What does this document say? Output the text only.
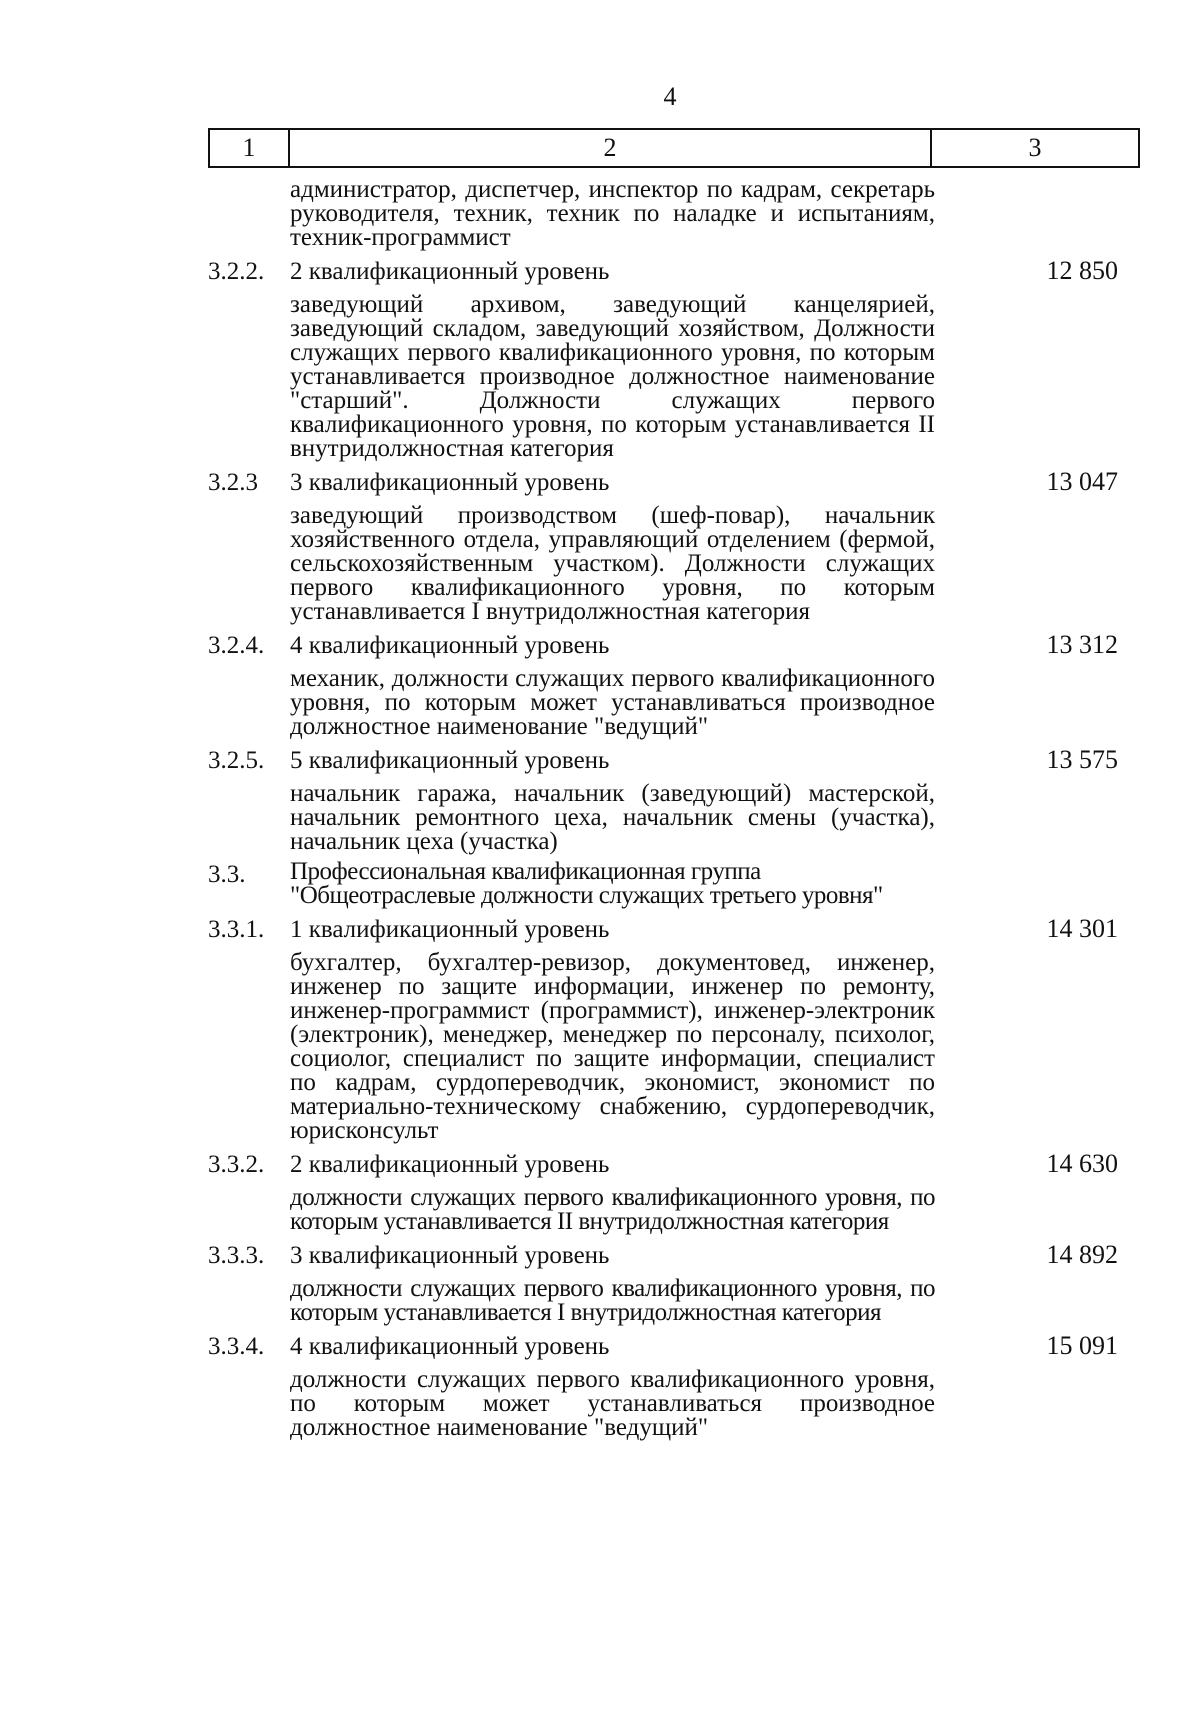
4
1	2	3
администратор, диспетчер, инспектор по кадрам, секретарь руководителя, техник, техник по наладке и испытаниям, техник-программист
3.2.2.	2 квалификационный уровень	12 850
заведующий архивом, заведующий канцелярией, заведующий складом, заведующий хозяйством, Должности служащих первого квалификационного уровня, по которым устанавливается производное должностное наименование "старший". Должности служащих первого квалификационного уровня, по которым устанавливается II внутридолжностная категория
3.2.3	3 квалификационный уровень	13 047
заведующий производством (шеф-повар), начальник хозяйственного отдела, управляющий отделением (фермой, сельскохозяйственным участком). Должности служащих первого квалификационного уровня, по которым устанавливается I внутридолжностная категория
3.2.4.	4 квалификационный уровень	13 312
механик, должности служащих первого квалификационного уровня, по которым может устанавливаться производное должностное наименование "ведущий"
3.2.5.	5 квалификационный уровень	13 575
начальник гаража, начальник (заведующий) мастерской, начальник ремонтного цеха, начальник смены (участка), начальник цеха (участка)
3.3.	Профессиональная квалификационная группа "Общеотраслевые должности служащих третьего уровня"
3.3.1.	1 квалификационный уровень	14 301
бухгалтер, бухгалтер-ревизор, документовед, инженер, инженер по защите информации, инженер по ремонту, инженер-программист (программист), инженер-электроник (электроник), менеджер, менеджер по персоналу, психолог, социолог, специалист по защите информации, специалист по кадрам, сурдопереводчик, экономист, экономист по материально-техническому снабжению, сурдопереводчик, юрисконсульт
3.3.2.	2 квалификационный уровень	14 630
должности служащих первого квалификационного уровня, по которым устанавливается II внутридолжностная категория
3.3.3.	3 квалификационный уровень	14 892
должности служащих первого квалификационного уровня, по которым устанавливается I внутридолжностная категория
3.3.4.	4 квалификационный уровень	15 091
должности служащих первого квалификационного уровня, по которым может устанавливаться производное должностное наименование "ведущий"
